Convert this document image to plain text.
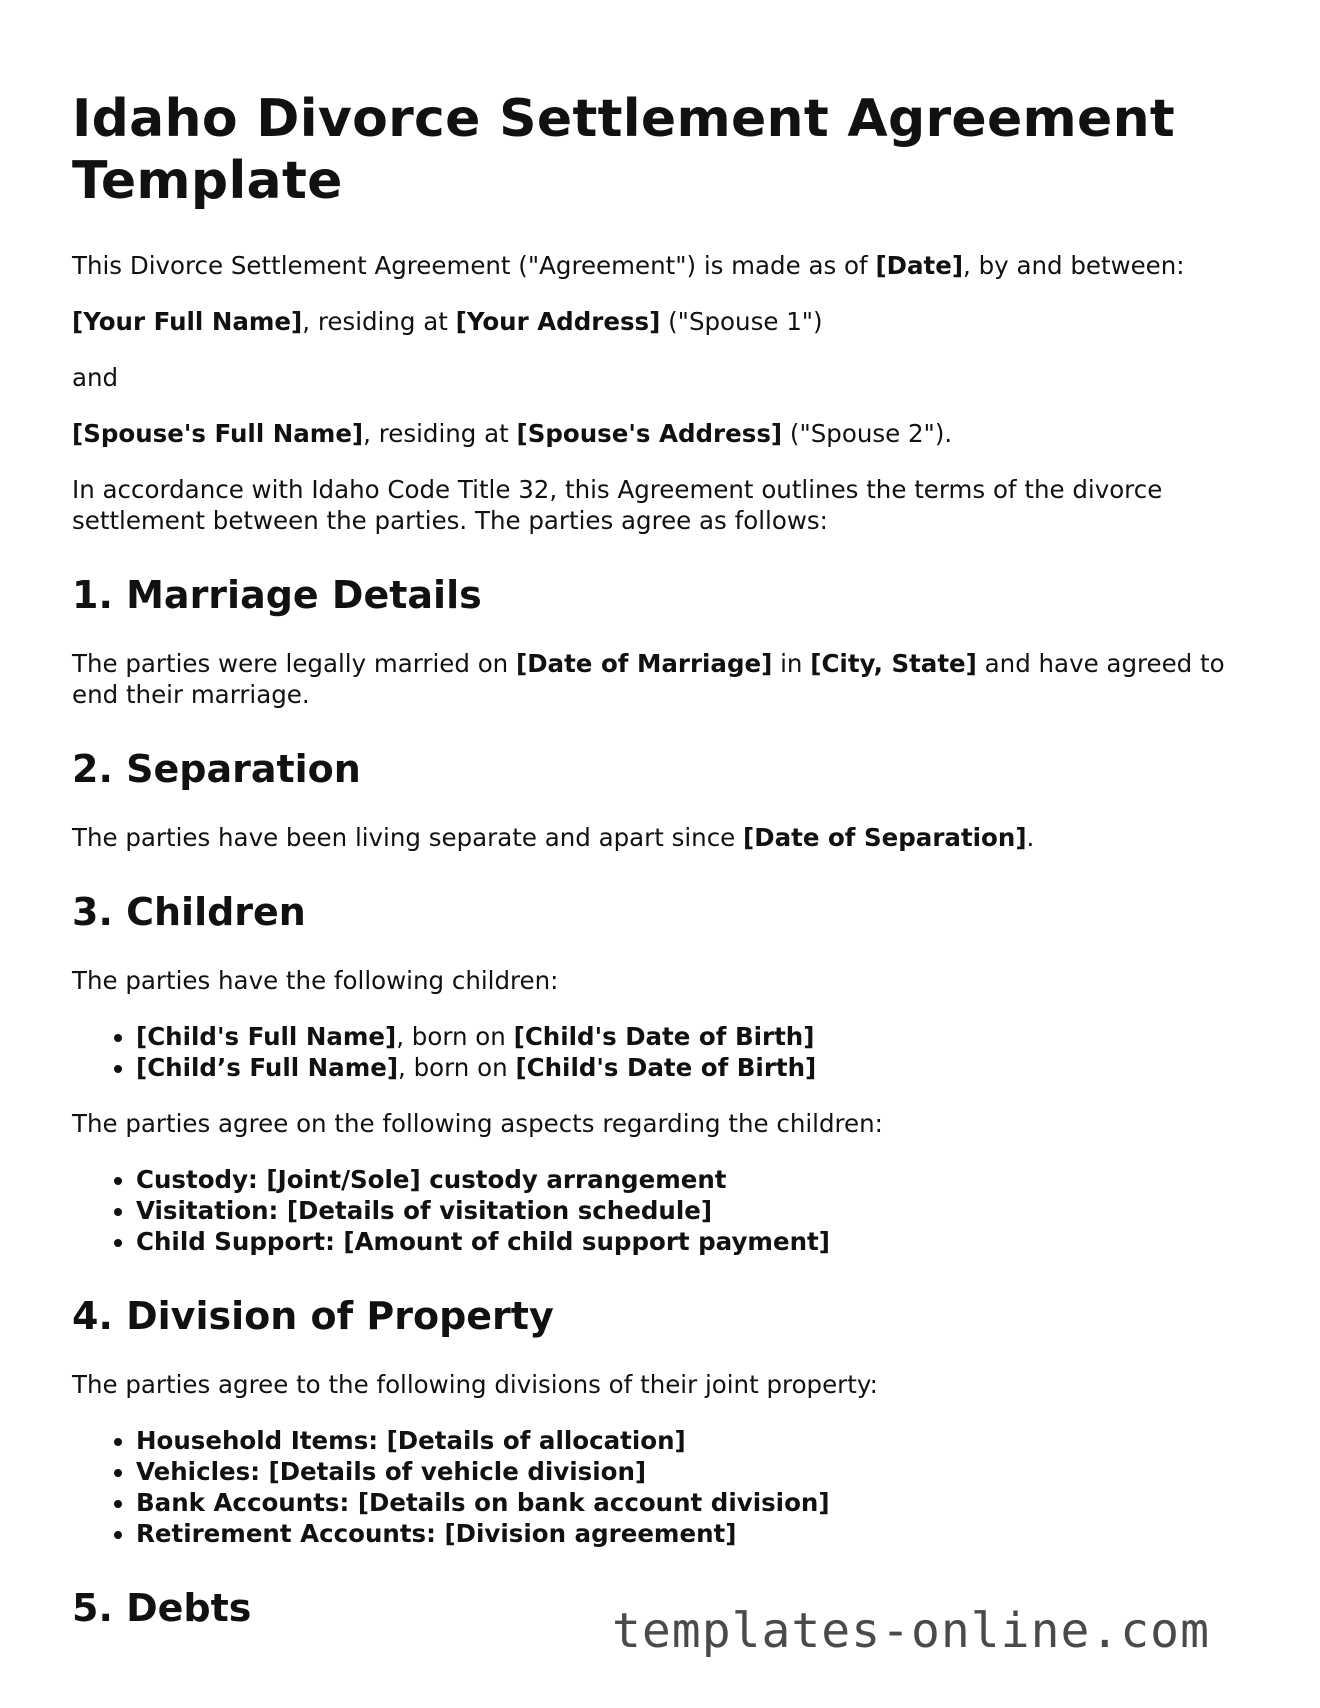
Idaho Divorce Settlement Agreement Template

This Divorce Settlement Agreement ("Agreement") is made as of [Date], by and between:

[Your Full Name], residing at [Your Address] ("Spouse 1")

and

[Spouse's Full Name], residing at [Spouse's Address] ("Spouse 2").

In accordance with Idaho Code Title 32, this Agreement outlines the terms of the divorce settlement between the parties. The parties agree as follows:

1. Marriage Details

The parties were legally married on [Date of Marriage] in [City, State] and have agreed to end their marriage.

2. Separation

The parties have been living separate and apart since [Date of Separation].

3. Children

The parties have the following children:

• [Child's Full Name], born on [Child's Date of Birth]
• [Child’s Full Name], born on [Child's Date of Birth]

The parties agree on the following aspects regarding the children:

• Custody: [Joint/Sole] custody arrangement
• Visitation: [Details of visitation schedule]
• Child Support: [Amount of child support payment]
4. Division of Property

The parties agree to the following divisions of their joint property:

• Household Items: [Details of allocation]
• Vehicles: [Details of vehicle division]
• Bank Accounts: [Details on bank account division]
• Retirement Accounts: [Division agreement]
5. Debts	templates-online.com
